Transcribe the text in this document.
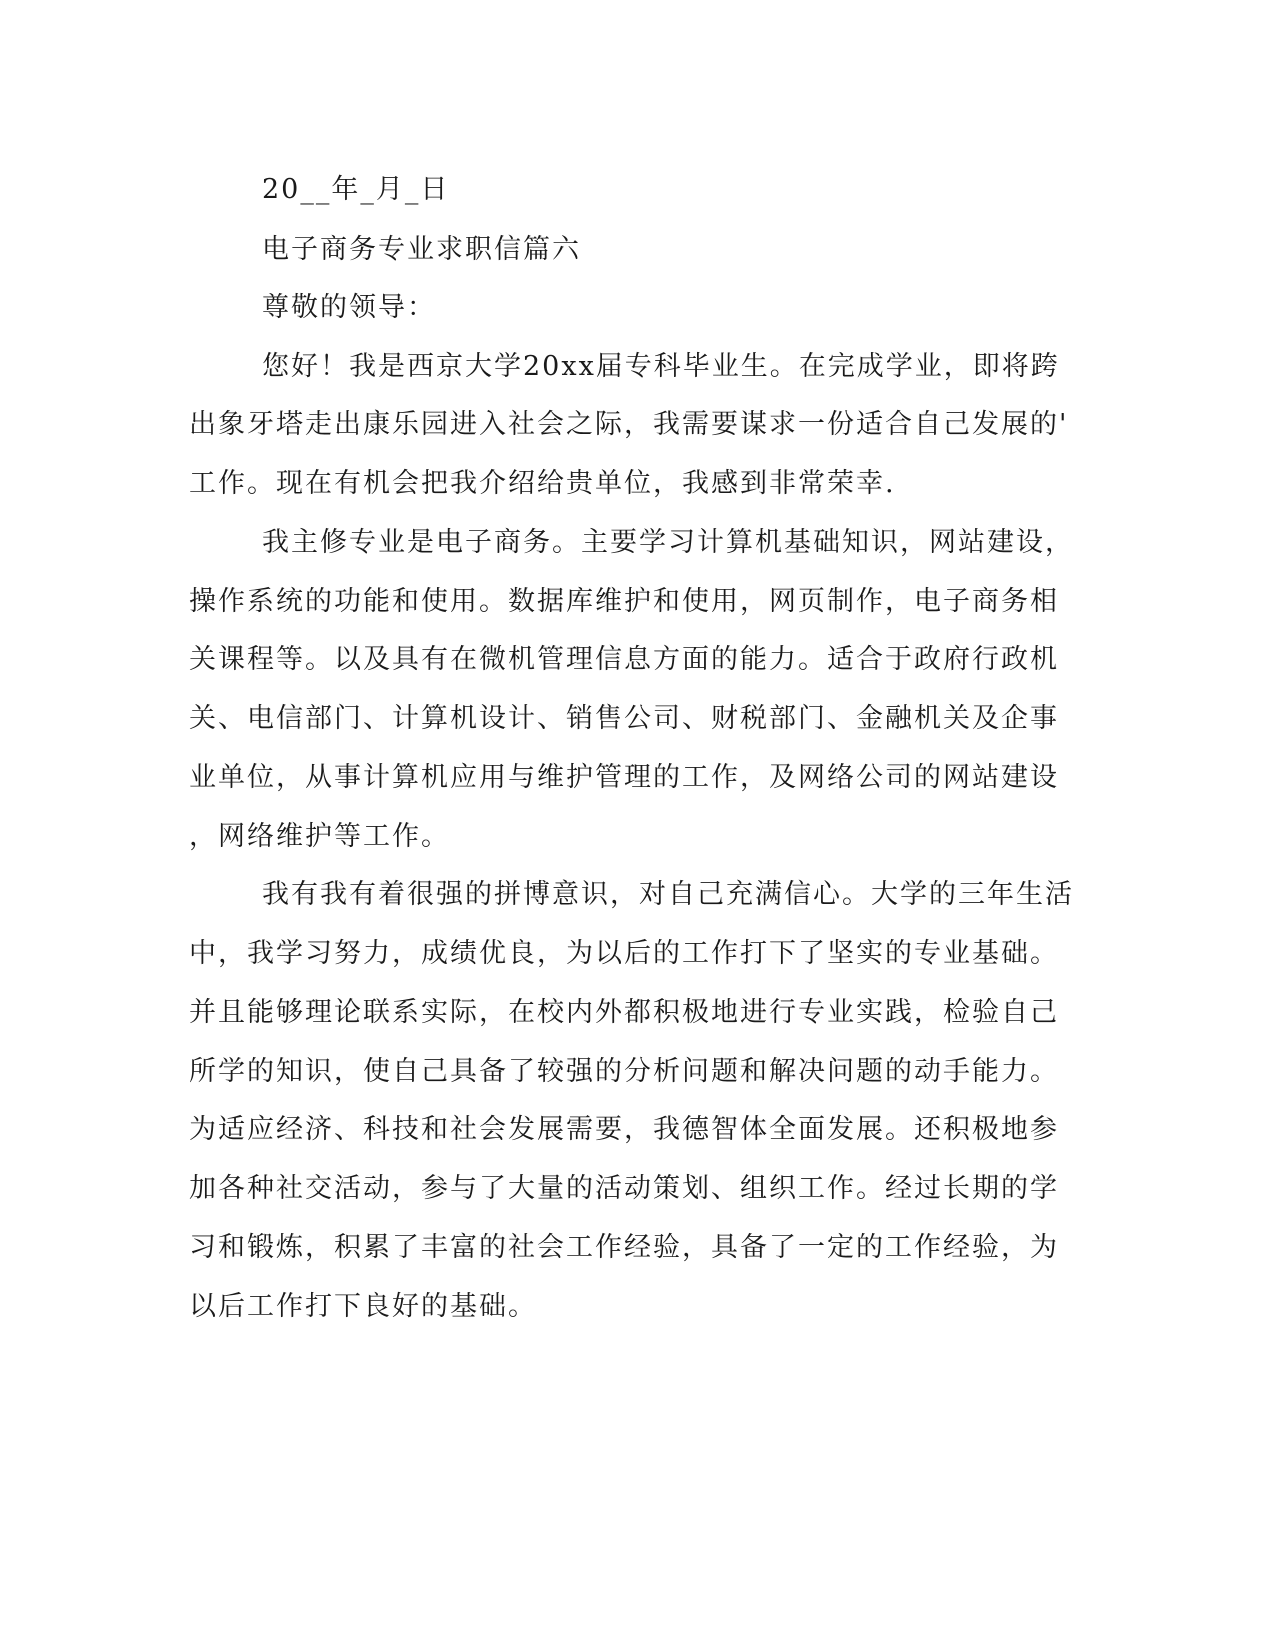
20__年_月_日
电子商务专业求职信篇六
尊敬的领导：
您好！我是西京大学20xx届专科毕业生。在完成学业，即将跨
出象牙塔走出康乐园进入社会之际，我需要谋求一份适合自己发展的'
工作。现在有机会把我介绍给贵单位，我感到非常荣幸.
我主修专业是电子商务。主要学习计算机基础知识，网站建设，
操作系统的功能和使用。数据库维护和使用，网页制作，电子商务相
关课程等。以及具有在微机管理信息方面的能力。适合于政府行政机
关、电信部门、计算机设计、销售公司、财税部门、金融机关及企事
业单位，从事计算机应用与维护管理的工作，及网络公司的网站建设
，网络维护等工作。
我有我有着很强的拼博意识，对自己充满信心。大学的三年生活
中，我学习努力，成绩优良，为以后的工作打下了坚实的专业基础。
并且能够理论联系实际，在校内外都积极地进行专业实践，检验自己
所学的知识，使自己具备了较强的分析问题和解决问题的动手能力。
为适应经济、科技和社会发展需要，我德智体全面发展。还积极地参
加各种社交活动，参与了大量的活动策划、组织工作。经过长期的学
习和锻炼，积累了丰富的社会工作经验，具备了一定的工作经验，为
以后工作打下良好的基础。
